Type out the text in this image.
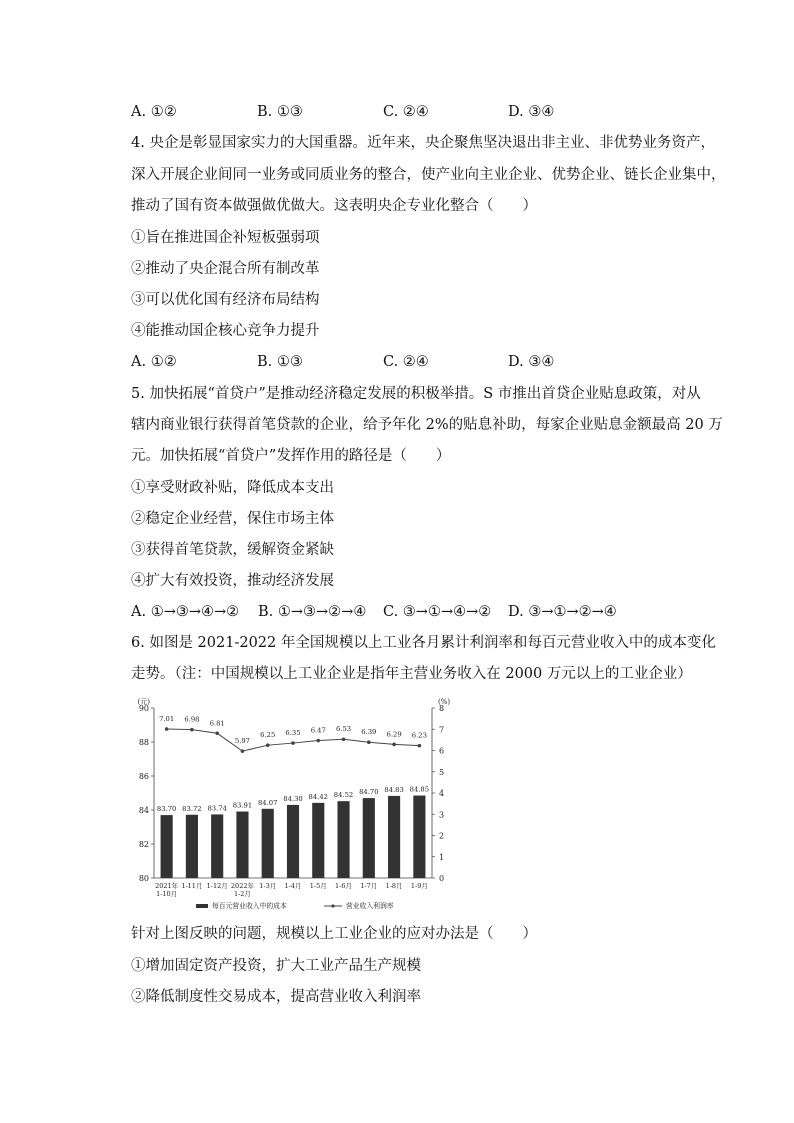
A. ①②	B. ①③	C. ②④	D. ③④
4. 央企是彰显国家实力的大国重器。近年来，央企聚焦坚决退出非主业、非优势业务资产，
深入开展企业间同一业务或同质业务的整合，使产业向主业企业、优势企业、链长企业集中，
推动了国有资本做强做优做大。这表明央企专业化整合（　　）
①旨在推进国企补短板强弱项
②推动了央企混合所有制改革
③可以优化国有经济布局结构
④能推动国企核心竞争力提升
A. ①②	B. ①③	C. ②④	D. ③④
5. 加快拓展“首贷户”是推动经济稳定发展的积极举措。S 市推出首贷企业贴息政策，对从
辖内商业银行获得首笔贷款的企业，给予年化 2%的贴息补助，每家企业贴息金额最高 20 万
元。加快拓展“首贷户”发挥作用的路径是（　　）
①享受财政补贴，降低成本支出
②稳定企业经营，保住市场主体
③获得首笔贷款，缓解资金紧缺
④扩大有效投资，推动经济发展
A. ①→③→④→② B. ①→③→②→④ C. ③→①→④→② D. ③→①→②→④
6. 如图是 2021-2022 年全国规模以上工业各月累计利润率和每百元营业收入中的成本变化
走势。（注：中国规模以上工业企业是指年主营业务收入在 2000 万元以上的工业企业）
(元)	(%)
80
82
84
86
88
90
0
1
2
3
4
5
6
7
8
83.70 83.72 83.74 83.91 84.07 84.30 84.42 84.52 84.70 84.83 84.85
7.01 6.98 6.81
5.97
6.25 6.35 6.47 6.53 6.39 6.29 6.23
2021年
1-10月
1-11月 1-12月 2022年
1-2月
1-3月 1-4月 1-5月 1-6月 1-7月 1-8月 1-9月
每百元营业收入中的成本	营业收入利润率
针对上图反映的问题，规模以上工业企业的应对办法是（　　）
①增加固定资产投资，扩大工业产品生产规模
②降低制度性交易成本，提高营业收入利润率
